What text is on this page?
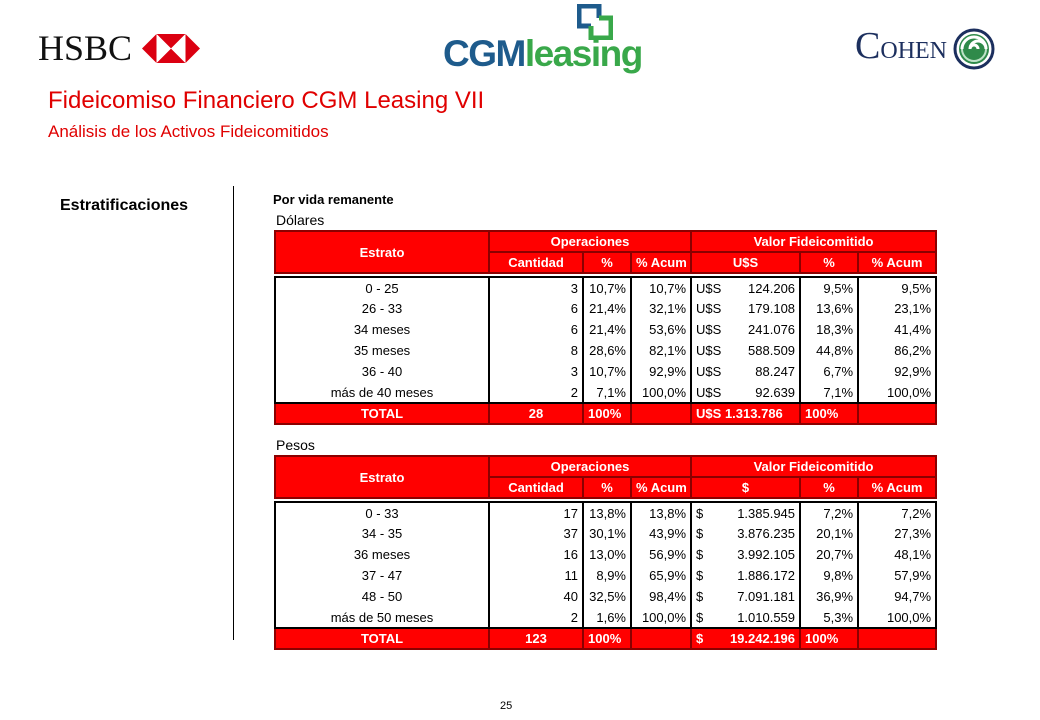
HSBC	CGMleasing	COHEN
Fideicomiso Financiero CGM Leasing VII
Análisis de los Activos Fideicomitidos
Estratificaciones	Por vida remanente
Dólares
Estrato	Operaciones			Valor Fideicomitido		
	Cantidad	%	% Acum	U$S	%	% Acum

0 - 25	3	10,7%	10,7%	U$S 124.206	9,5%	9,5%
26 - 33	6	21,4%	32,1%	U$S 179.108	13,6%	23,1%
34 meses	6	21,4%	53,6%	U$S 241.076	18,3%	41,4%
35 meses	8	28,6%	82,1%	U$S 588.509	44,8%	86,2%
36 - 40	3	10,7%	92,9%	U$S 88.247	6,7%	92,9%
más de 40 meses	2	7,1%	100,0%	U$S 92.639	7,1%	100,0%
TOTAL	28	100%		U$S 1.313.786	100%	
Pesos
Estrato	Operaciones			Valor Fideicomitido		
	Cantidad	%	% Acum	$	%	% Acum

0 - 33	17	13,8%	13,8%	$ 1.385.945	7,2%	7,2%
34 - 35	37	30,1%	43,9%	$ 3.876.235	20,1%	27,3%
36 meses	16	13,0%	56,9%	$ 3.992.105	20,7%	48,1%
37 - 47	11	8,9%	65,9%	$ 1.886.172	9,8%	57,9%
48 - 50	40	32,5%	98,4%	$ 7.091.181	36,9%	94,7%
más de 50 meses	2	1,6%	100,0%	$ 1.010.559	5,3%	100,0%
TOTAL	123	100%		$ 19.242.196	100%	
25
